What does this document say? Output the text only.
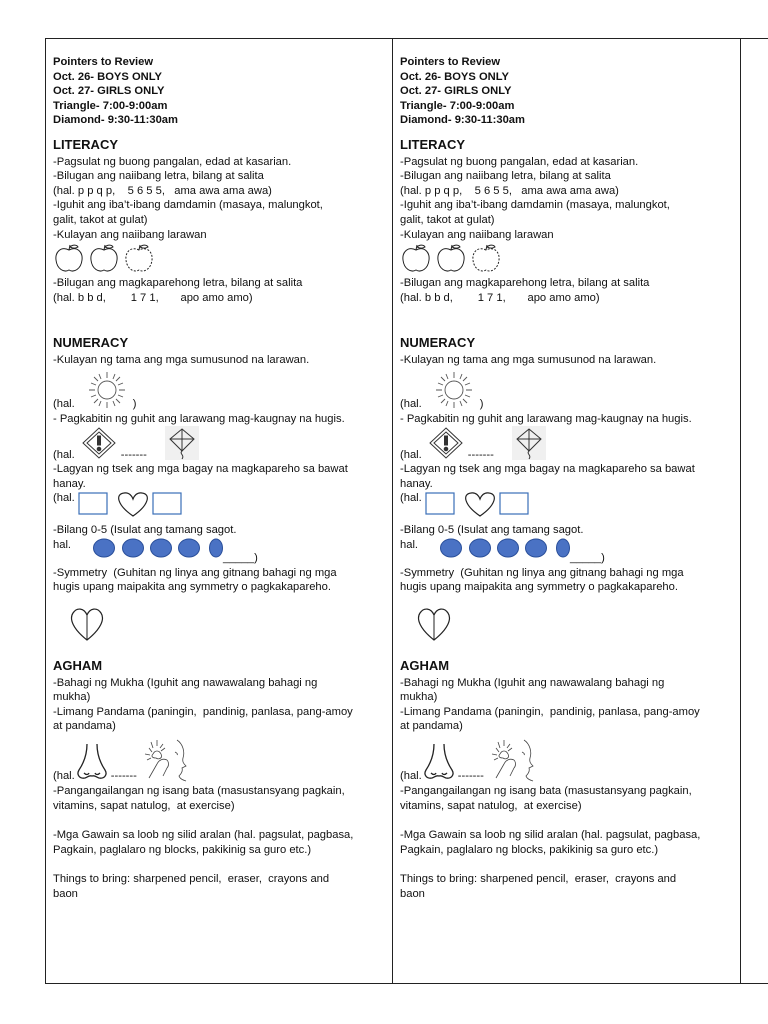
Pointers to Review
Oct. 26- BOYS ONLY
Oct. 27- GIRLS ONLY
Triangle- 7:00-9:00am
Diamond- 9:30-11:30am
LITERACY
-Pagsulat ng buong pangalan, edad at kasarian.
-Bilugan ang naiibang letra, bilang at salita
(hal. p p q p,    5 6 5 5,   ama awa ama awa)
-Iguhit ang iba’t-ibang damdamin (masaya, malungkot,
galit, takot at gulat)
-Kulayan ang naiibang larawan
-Bilugan ang magkaparehong letra, bilang at salita
(hal. b b d,        1 7 1,       apo amo amo)
NUMERACY
-Kulayan ng tama ang mga sumusunod na larawan.
(hal.	)
- Pagkabitin ng guhit ang larawang mag-kaugnay na hugis.
(hal.	-------
-Lagyan ng tsek ang mga bagay na magkapareho sa bawat
hanay.
(hal.
-Bilang 0-5 (Isulat ang tamang sagot.
hal.
_____)
-Symmetry  (Guhitan ng linya ang gitnang bahagi ng mga
hugis upang maipakita ang symmetry o pagkakapareho.
AGHAM
-Bahagi ng Mukha (Iguhit ang nawawalang bahagi ng
mukha)
-Limang Pandama (paningin,  pandinig, panlasa, pang-amoy
at pandama)
(hal.	-------
-Pangangailangan ng isang bata (masustansyang pagkain,
vitamins, sapat natulog,  at exercise)
-Mga Gawain sa loob ng silid aralan (hal. pagsulat, pagbasa,
Pagkain, paglalaro ng blocks, pakikinig sa guro etc.)
Things to bring: sharpened pencil,  eraser,  crayons and
baon
Pointers to Review
Oct. 26- BOYS ONLY
Oct. 27- GIRLS ONLY
Triangle- 7:00-9:00am
Diamond- 9:30-11:30am
LITERACY
-Pagsulat ng buong pangalan, edad at kasarian.
-Bilugan ang naiibang letra, bilang at salita
(hal. p p q p,    5 6 5 5,   ama awa ama awa)
-Iguhit ang iba’t-ibang damdamin (masaya, malungkot,
galit, takot at gulat)
-Kulayan ang naiibang larawan
-Bilugan ang magkaparehong letra, bilang at salita
(hal. b b d,        1 7 1,       apo amo amo)
NUMERACY
-Kulayan ng tama ang mga sumusunod na larawan.
(hal.	)
- Pagkabitin ng guhit ang larawang mag-kaugnay na hugis.
(hal.	-------
-Lagyan ng tsek ang mga bagay na magkapareho sa bawat
hanay.
(hal.
-Bilang 0-5 (Isulat ang tamang sagot.
hal.
_____)
-Symmetry  (Guhitan ng linya ang gitnang bahagi ng mga
hugis upang maipakita ang symmetry o pagkakapareho.
AGHAM
-Bahagi ng Mukha (Iguhit ang nawawalang bahagi ng
mukha)
-Limang Pandama (paningin,  pandinig, panlasa, pang-amoy
at pandama)
(hal.	-------
-Pangangailangan ng isang bata (masustansyang pagkain,
vitamins, sapat natulog,  at exercise)
-Mga Gawain sa loob ng silid aralan (hal. pagsulat, pagbasa,
Pagkain, paglalaro ng blocks, pakikinig sa guro etc.)
Things to bring: sharpened pencil,  eraser,  crayons and
baon
